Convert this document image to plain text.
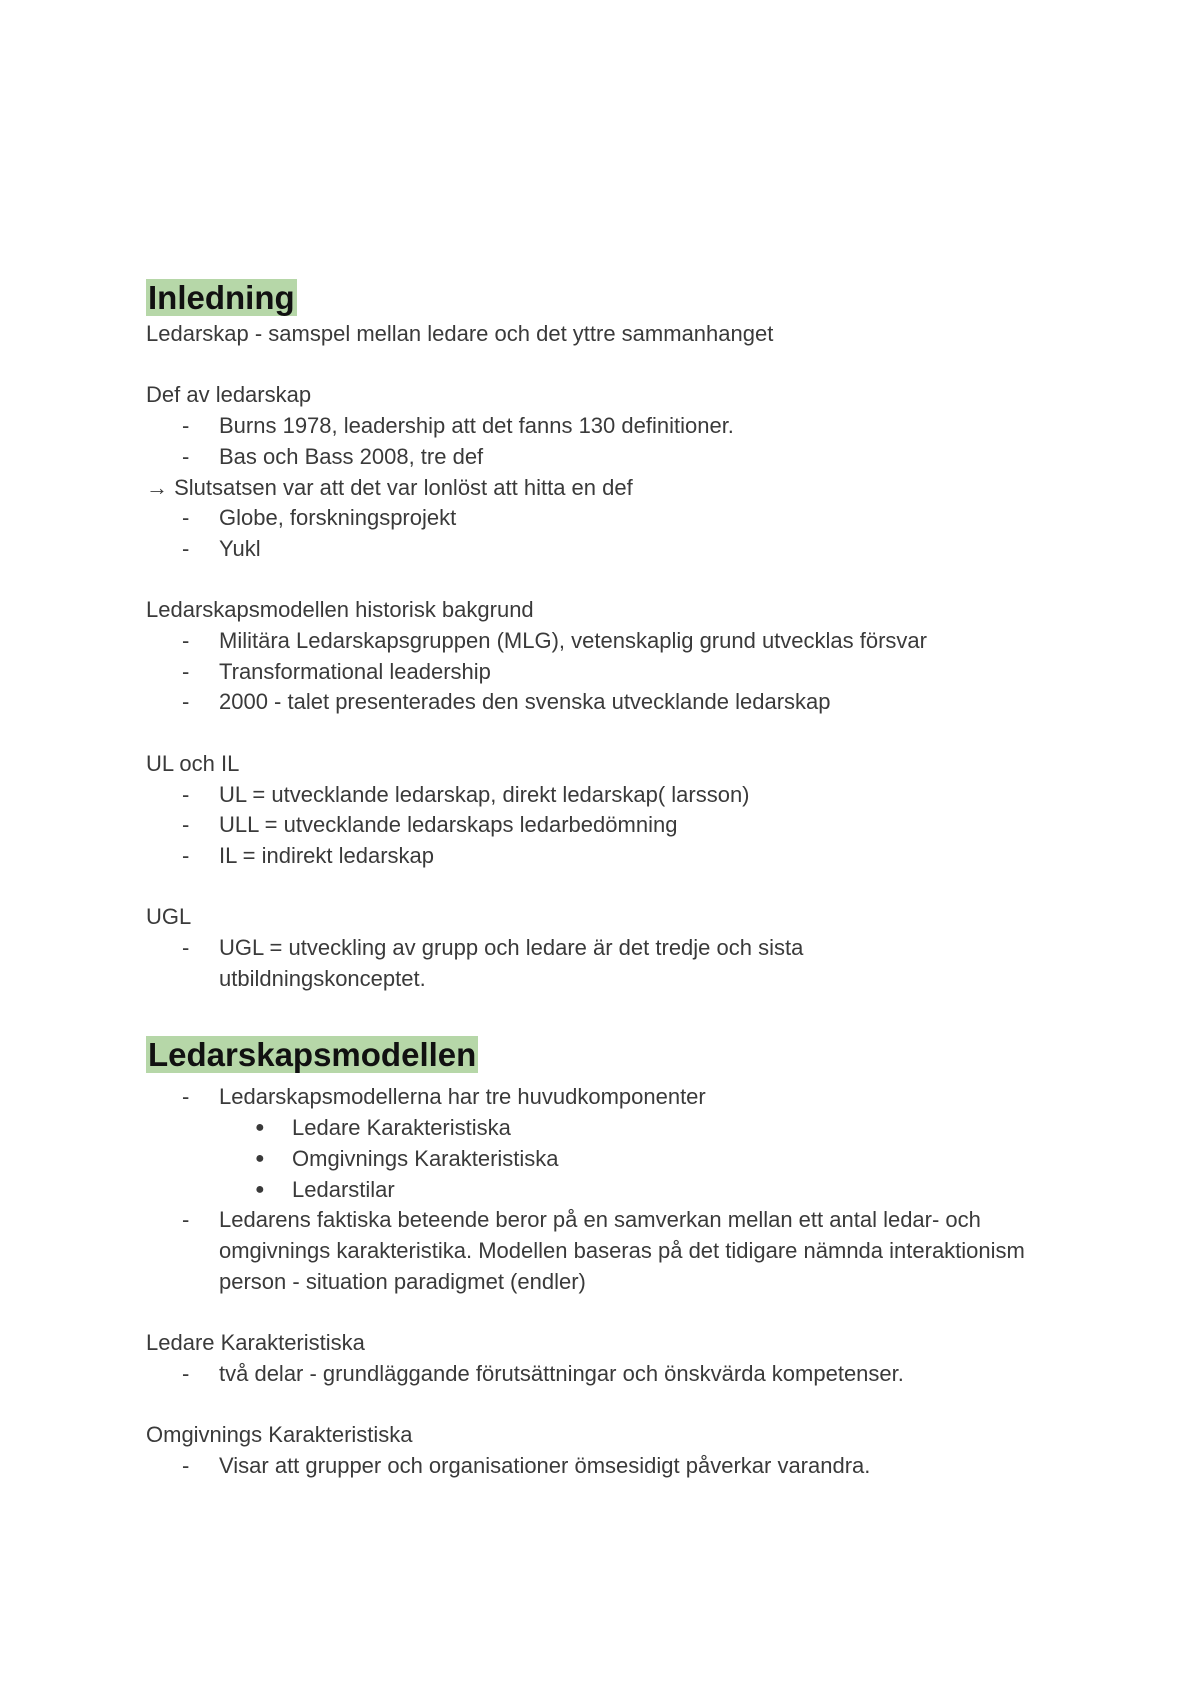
Inledning

Ledarskap - samspel mellan ledare och det yttre sammanhanget

Def av ledarskap

-	Burns 1978, leadership att det fanns 130 definitioner.
-	Bas och Bass 2008, tre def

→ Slutsatsen var att det var lonlöst att hitta en def

-	Globe, forskningsprojekt
-	Yukl

Ledarskapsmodellen historisk bakgrund

-	Militära Ledarskapsgruppen (MLG), vetenskaplig grund utvecklas försvar
-	Transformational leadership
-	2000 - talet presenterades den svenska utvecklande ledarskap

UL och IL

-	UL = utvecklande ledarskap, direkt ledarskap( larsson)
-	ULL = utvecklande ledarskaps ledarbedömning
-	IL = indirekt ledarskap

UGL

-	UGL = utveckling av grupp och ledare är det tredje och sista utbildningskonceptet.
Ledarskapsmodellen
-	Ledarskapsmodellerna har tre huvudkomponenter
●	Ledare Karakteristiska
●	Omgivnings Karakteristiska
●	Ledarstilar
-	Ledarens faktiska beteende beror på en samverkan mellan ett antal ledar- och omgivnings karakteristika. Modellen baseras på det tidigare nämnda interaktionism person - situation paradigmet (endler)

Ledare Karakteristiska

-	två delar - grundläggande förutsättningar och önskvärda kompetenser.

Omgivnings Karakteristiska

-	Visar att grupper och organisationer ömsesidigt påverkar varandra.
